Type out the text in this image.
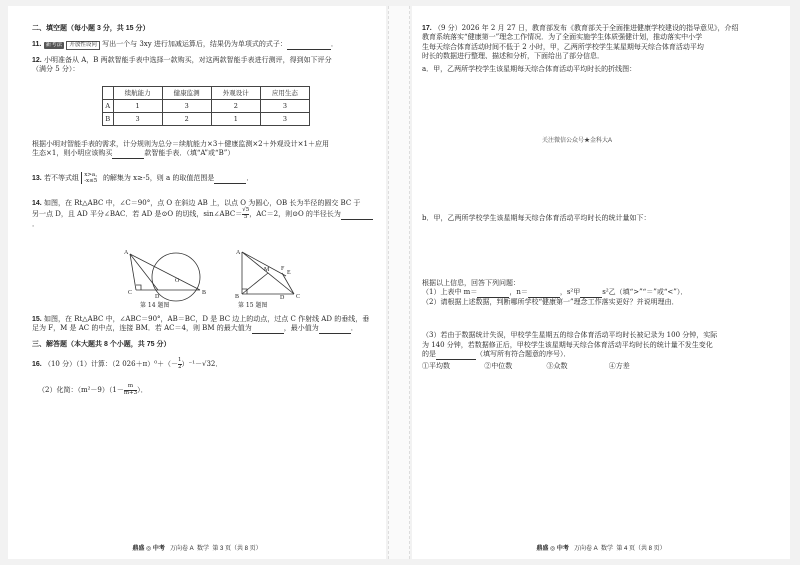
二、填空题（每小题 3 分，共 15 分）
11. 新考法 开放性设问 写出一个与 3xy 进行加减运算后，结果仍为单项式的式子：	．
12. 小明准备从 A，B 两款智能手表中选择一款购买，对这两款智能手表进行测评，得到如下评分
（满分 5 分）：
	续航能力	健康监测	外观设计	应用生态
A	1	3	2	3
B	3	2	1	3
根据小明对智能手表的需求，计分规则为总分＝续航能力×3＋健康监测×2＋外观设计×1＋应用
生态×1，则小明应该购买	款智能手表．（填“A”或“B”）
13. 若不等式组 x>a，
-x≤5 的解集为 x≥-5，则 a 的取值范围是	．
14. 如图，在 Rt△ABC 中，∠C＝90°，点 O 在斜边 AB 上，以点 O 为圆心，OB 长为半径的圆交 BC 于
另一点 D，且 AD 平分∠BAC．若 AD 是⊙O 的切线，sin∠ABC＝ $\frac{√5}{5}$ ，AC＝2，则⊙O 的半径长为．
A
C	B
D
O
第 14 题图
A
B	C
D
E
F
M
第 15 题图
15. 如图，在 Rt△ABC 中，∠ABC＝90°，AB＝BC，D 是 BC 边上的动点，过点 C 作射线 AD 的垂线，垂
足为 F，M 是 AC 的中点，连接 BM．若 AC＝4，则 BM 的最大值为	，最小值为	．
三、解答题（本大题共 8 个小题，共 75 分）
16. （10 分）（1）计算：（2 $026+\pi)^0+(- \frac{1}{2} )^{-1}-√32$．
（2）化简：$(m^2-9)(1- \frac{m}{m+3}$ ）．
鼎盛 ◎ 中考 万向卷 A 数学 第 3 页（共 8 页）
17. （9 分）2026 年 2 月 27 日，教育部发布《教育部关于全面推进健康学校建设的指导意见》，介绍
教育系统落实“健康第一”理念工作情况．为了全面实施学生体质强健计划，推动落实中小学
生每天综合体育活动时间不低于 2 小时，甲，乙两所学校学生某星期每天综合体育活动平均
时长的数据进行整理、描述和分析，下面给出了部分信息．
a．甲，乙两所学校学生该星期每天综合体育活动平均时长的折线图：
关注微信公众号★金科大A
b．甲，乙两所学校学生该星期每天综合体育活动平均时长的统计量如下：
根据以上信息，回答下列问题：
（1）上表中 m＝	，n＝	，s²甲	s²乙（填“>”“＝”或“<”）．
（2）请根据上述数据，判断哪所学校“健康第一”理念工作落实更好？并说明理由．
（3）若由于数据统计失误，甲校学生星期五的综合体育活动平均时长被记录为 100 分钟，实际
为 140 分钟，若数据修正后，甲校学生该星期每天综合体育活动平均时长的统计量不发生变化
的是	（填写所有符合题意的序号）．
①平均数	②中位数	③众数	④方差
鼎盛 ◎ 中考 万向卷 A 数学 第 4 页（共 8 页）
